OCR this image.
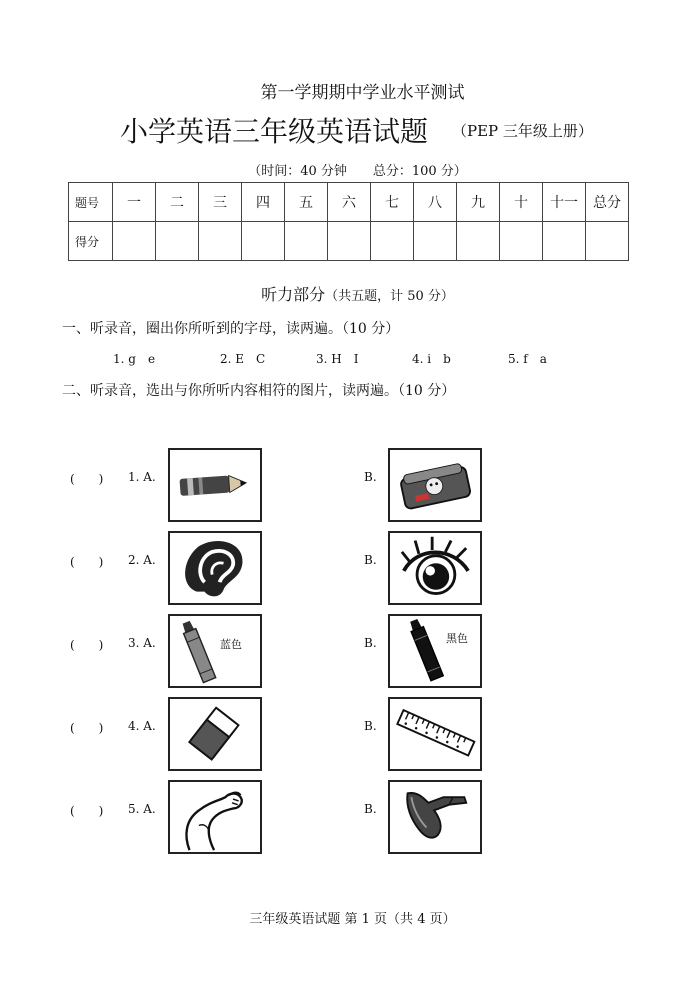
第一学期期中学业水平测试
小学英语三年级英语试题 （PEP 三年级上册）
（时间：40 分钟　　总分：100 分）
题号	一	二	三	四	五	六	七	八	九	十	十一	总分
得分												
听力部分（共五题，计 50 分）
一、听录音，圈出你所听到的字母，读两遍。（10 分）
1. g　e	2. E　C	3. H　I	4. i　b	5. f　a
二、听录音，选出与你所听内容相符的图片，读两遍。（10 分）
(　　) 1. A.	B.
(　　) 2. A.	B.
(　　) 3. A.	蓝色	B.	黑色
(　　) 4. A.	B.
(　　) 5. A.	B.
三年级英语试题 第 1 页（共 4 页）
